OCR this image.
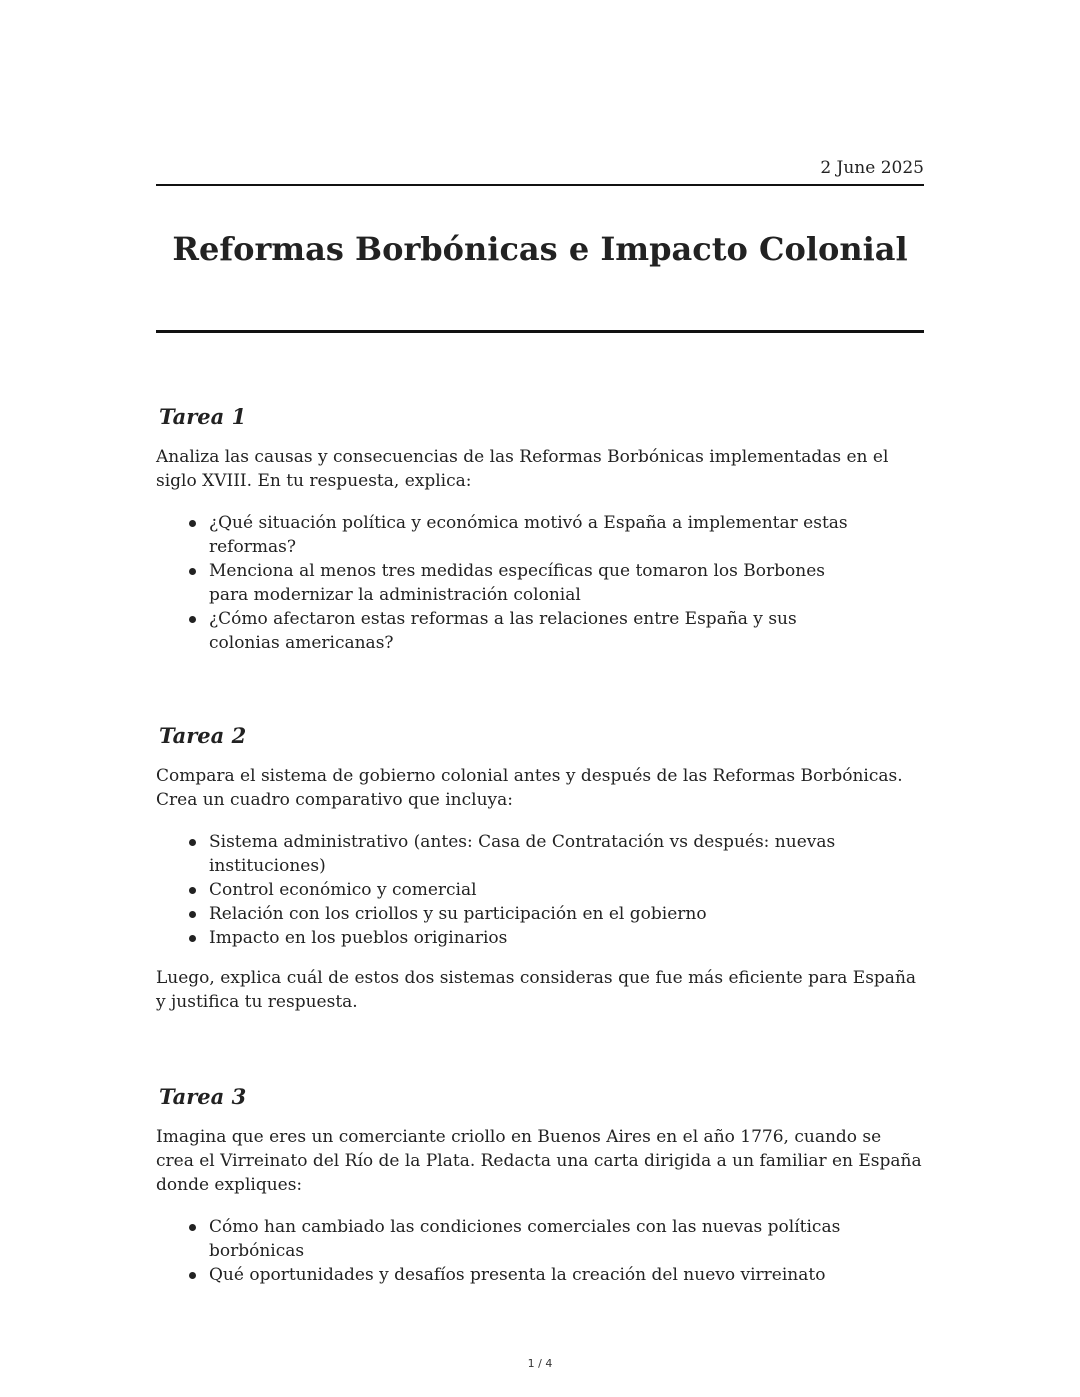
2 June 2025
Reformas Borbónicas e Impacto Colonial
Tarea 1

Analiza las causas y consecuencias de las Reformas Borbónicas implementadas en el siglo XVIII. En tu respuesta, explica:

¿Qué situación política y económica motivó a España a implementar estas reformas?
Menciona al menos tres medidas específicas que tomaron los Borbones para modernizar la administración colonial
¿Cómo afectaron estas reformas a las relaciones entre España y sus colonias americanas?
Tarea 2

Compara el sistema de gobierno colonial antes y después de las Reformas Borbónicas. Crea un cuadro comparativo que incluya:

Sistema administrativo (antes: Casa de Contratación vs después: nuevas instituciones)
Control económico y comercial
Relación con los criollos y su participación en el gobierno
Impacto en los pueblos originarios

Luego, explica cuál de estos dos sistemas consideras que fue más eficiente para España y justifica tu respuesta.

Tarea 3

Imagina que eres un comerciante criollo en Buenos Aires en el año 1776, cuando se crea el Virreinato del Río de la Plata. Redacta una carta dirigida a un familiar en España donde expliques:

Cómo han cambiado las condiciones comerciales con las nuevas políticas borbónicas
Qué oportunidades y desafíos presenta la creación del nuevo virreinato
1 / 4
